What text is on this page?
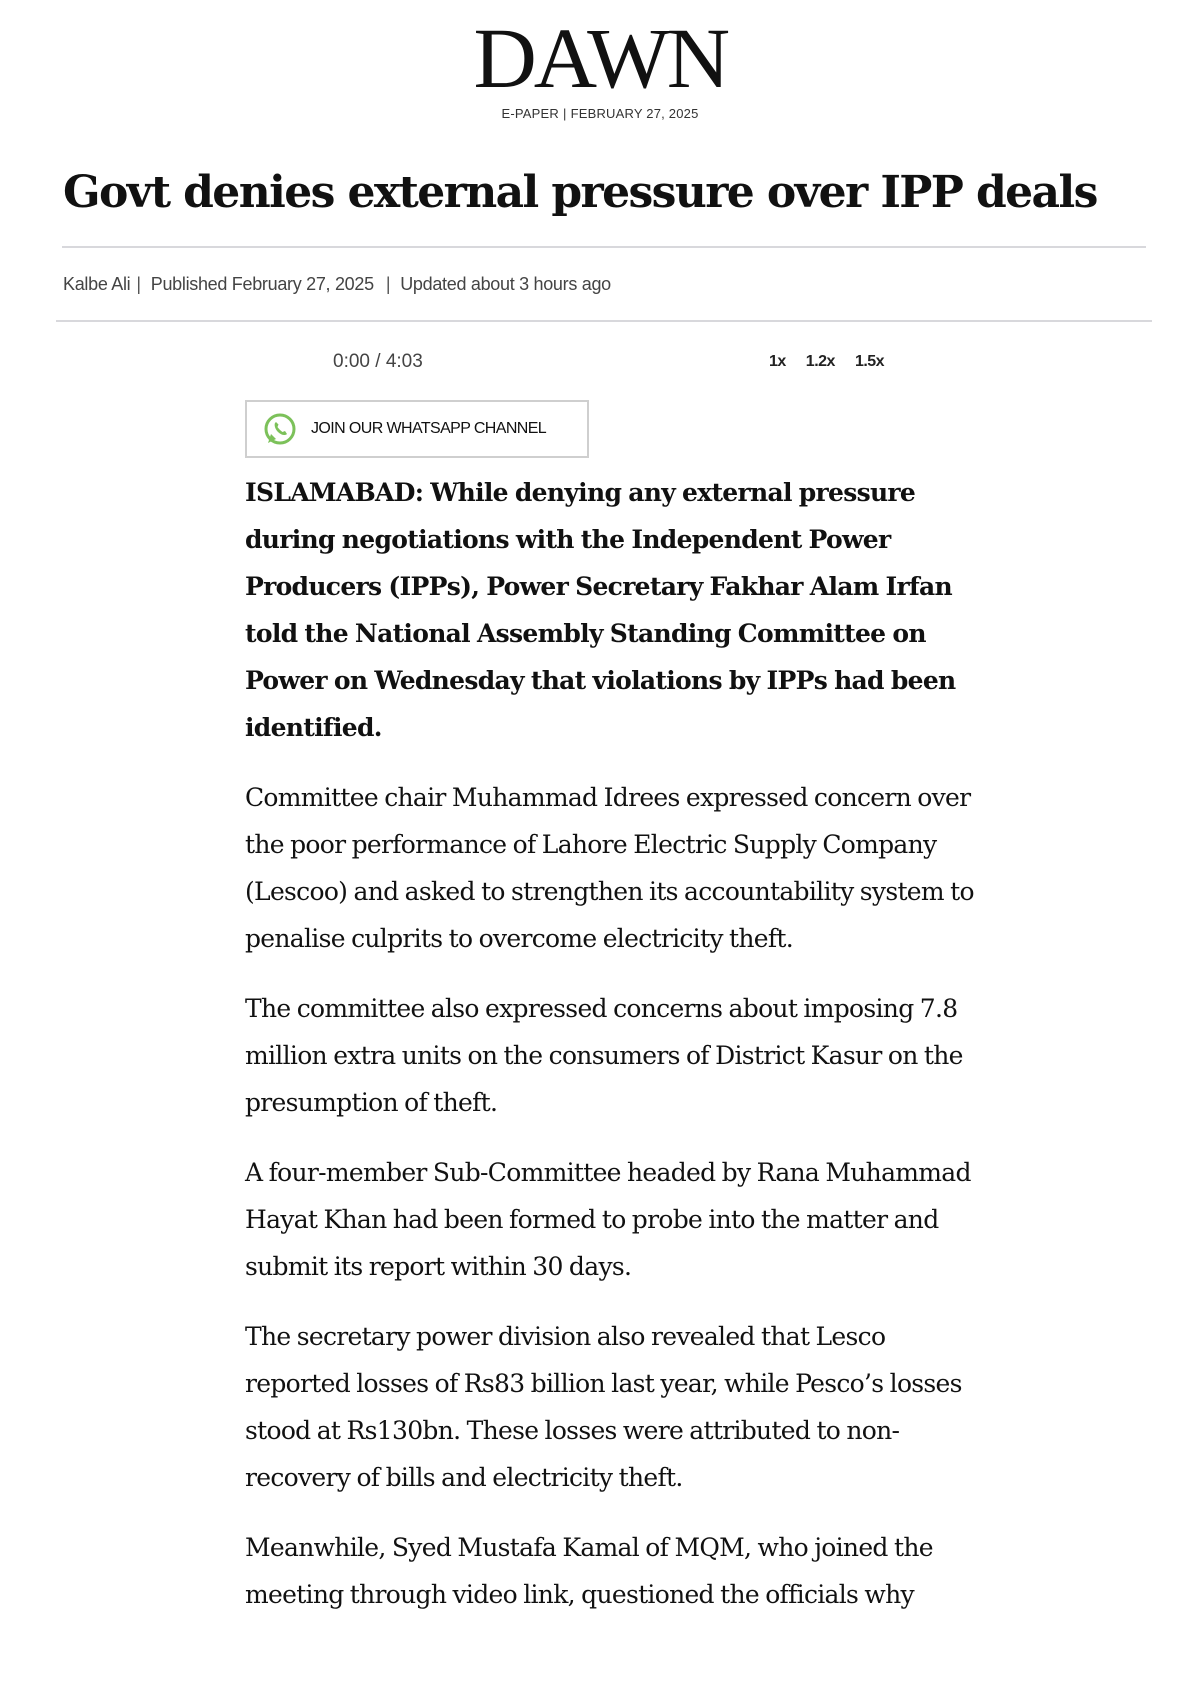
DAWN
E-PAPER | FEBRUARY 27, 2025
Govt denies external pressure over IPP deals
Kalbe Ali | Published February 27, 2025 | Updated about 3 hours ago
0:00 / 4:03	1x 1.2x 1.5x
JOIN OUR WHATSAPP CHANNEL

ISLAMABAD: While denying any external pressure during negotiations with the Independent Power Producers (IPPs), Power Secretary Fakhar Alam Irfan told the National Assembly Standing Committee on Power on Wednesday that violations by IPPs had been identified.

Committee chair Muhammad Idrees expressed concern over the poor performance of Lahore Electric Supply Company (Lescoo) and asked to strengthen its accountability system to penalise culprits to overcome electricity theft.

The committee also expressed concerns about imposing 7.8 million extra units on the consumers of District Kasur on the presumption of theft.

A four-member Sub-Committee headed by Rana Muhammad Hayat Khan had been formed to probe into the matter and submit its report within 30 days.

The secretary power division also revealed that Lesco reported losses of Rs83 billion last year, while Pesco’s losses stood at Rs130bn. These losses were attributed to non-recovery of bills and electricity theft.

Meanwhile, Syed Mustafa Kamal of MQM, who joined the meeting through video link, questioned the officials why
